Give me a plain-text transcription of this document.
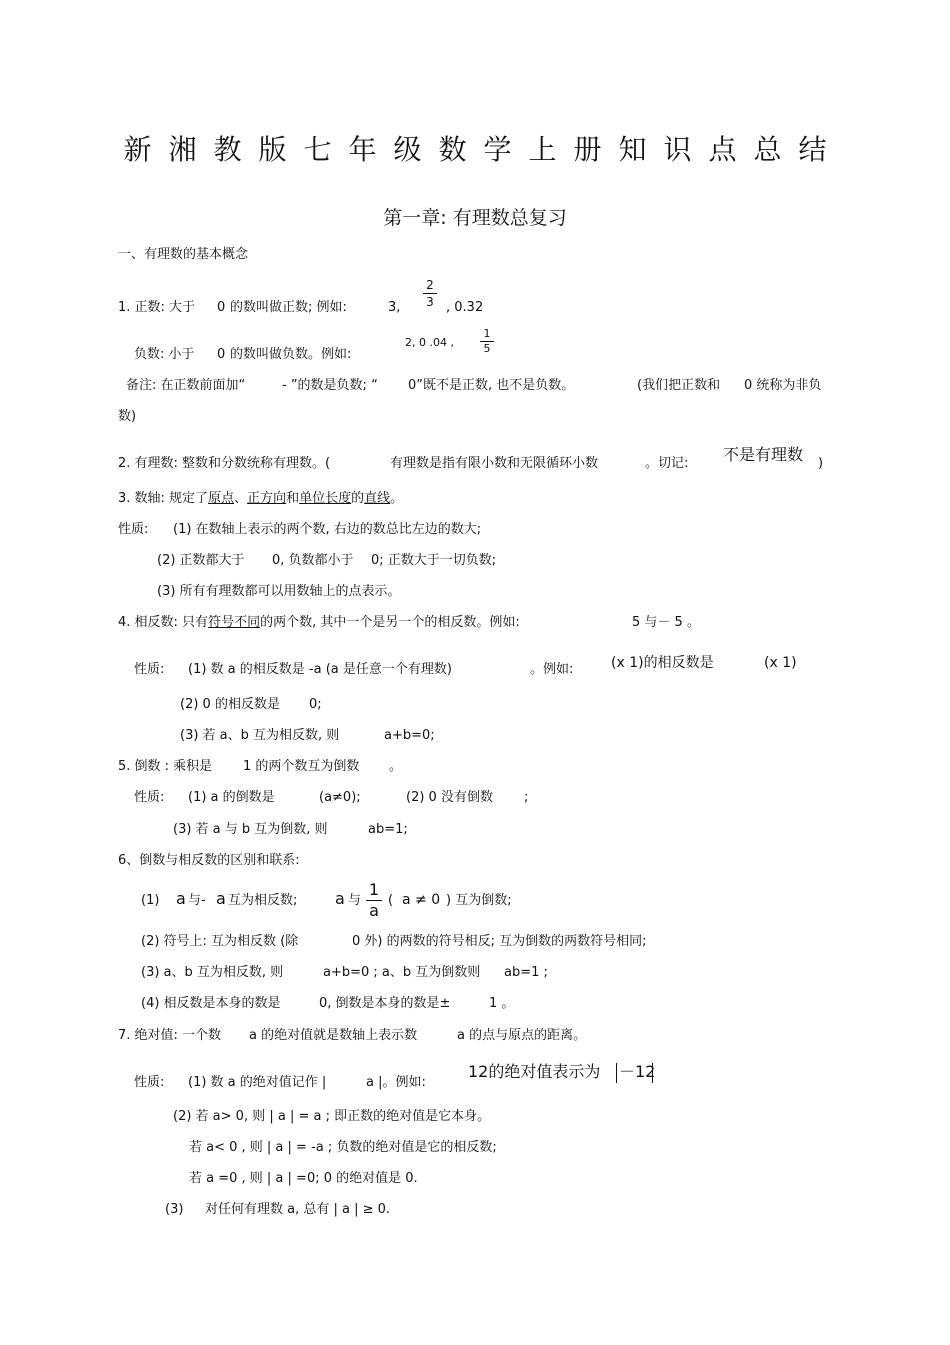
新湘教版七年级数学上册知识点总结
第一章: 有理数总复习
一、有理数的基本概念
1. 正数: 大于 0 的数叫做正数; 例如:	3,
2
3 , 0.32
负数: 小于 0 的数叫做负数。例如:
2, 0 .04 ,
1
5
备注: 在正数前面加“	- ”的数是负数; “ 0”既不是正数, 也不是负数。	(我们把正数和 0 统称为非负
数)
2. 有理数: 整数和分数统称有理数。(	有理数是指有限小数和无限循环小数	。切记: 不是有理数 )
3. 数轴: 规定了原点、正方向和单位长度的直线。
性质: (1) 在数轴上表示的两个数, 右边的数总比左边的数大;
(2) 正数都大于 0, 负数都小于 0; 正数大于一切负数;
(3) 所有有理数都可以用数轴上的点表示。
4. 相反数: 只有符号不同的两个数, 其中一个是另一个的相反数。例如:	5 与－ 5 。
性质: (1) 数 a 的相反数是 -a (a 是任意一个有理数)	。例如:	(x 1)的相反数是	(x 1)
(2) 0 的相反数是 0;
(3) 若 a、b 互为相反数, 则	a+b=0;
5. 倒数 : 乘积是 1 的两个数互为倒数 。
性质: (1) a 的倒数是	(a≠0);	(2) 0 没有倒数 ;
(3) 若 a 与 b 互为倒数, 则	ab=1;
6、倒数与相反数的区别和联系:
(1) a 与- a 互为相反数; a 与
1
a
( a ≠ 0 ) 互为倒数;
(2) 符号上: 互为相反数 (除	0 外) 的两数的符号相反; 互为倒数的两数符号相同;
(3) a、b 互为相反数, 则	a+b=0 ; a、b 互为倒数则 ab=1 ;
(4) 相反数是本身的数是	0, 倒数是本身的数是±	1 。
7. 绝对值: 一个数 a 的绝对值就是数轴上表示数	a 的点与原点的距离。
性质: (1) 数 a 的绝对值记作 |	a |。例如:
12的绝对值表示为 －12
(2) 若 a> 0, 则 | a | = a ; 即正数的绝对值是它本身。
若 a< 0 , 则 | a | = -a ; 负数的绝对值是它的相反数;
若 a =0 , 则 | a | =0; 0 的绝对值是 0.
(3) 对任何有理数 a, 总有 | a | ≥ 0.
